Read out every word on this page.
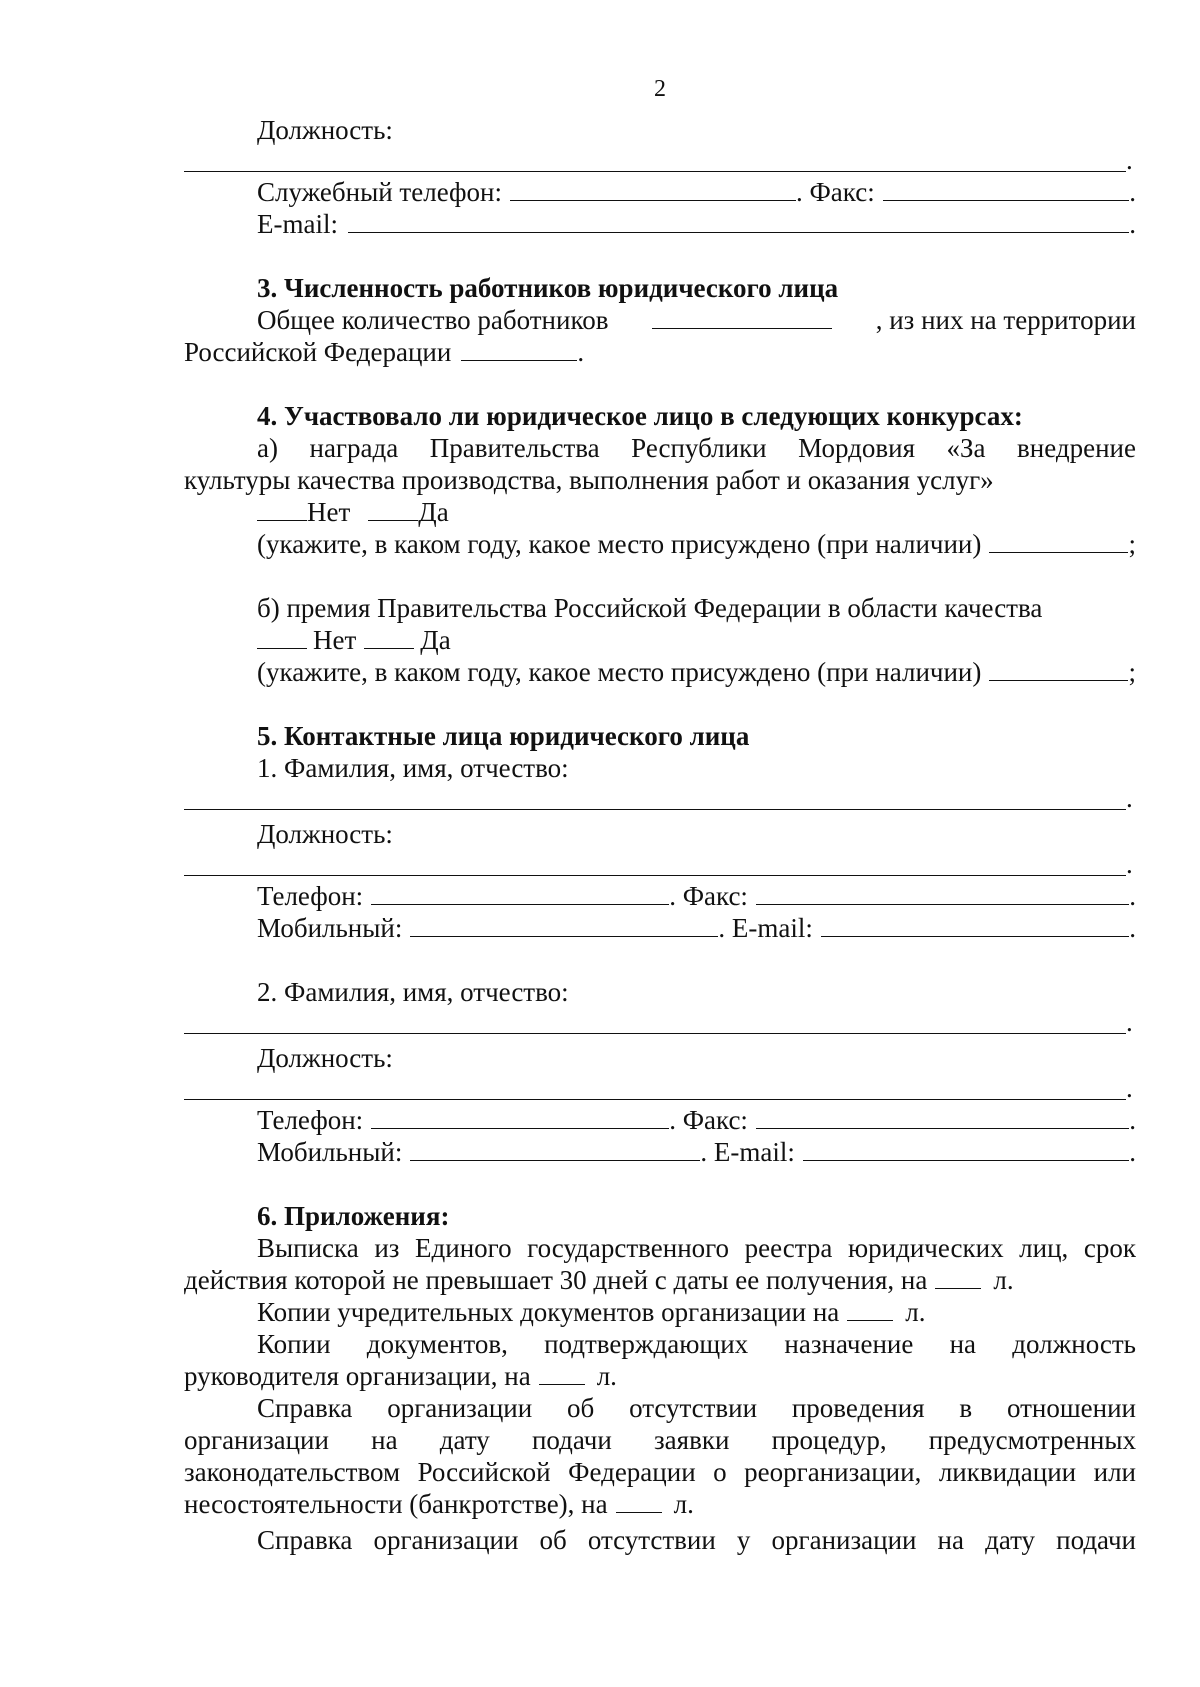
2
Должность:
.
Служебный телефон:	. Факс:	.
E-mail:	.
3. Численность работников юридического лица
Общее количество работников	, из них на территории
Российской Федерации	.
4. Участвовало ли юридическое лицо в следующих конкурсах:
а) награда Правительства Республики Мордовия «За внедрение
культуры качества производства, выполнения работ и оказания услуг»
Нет	Да
(укажите, в каком году, какое место присуждено (при наличии)	;
б) премия Правительства Российской Федерации в области качества
Нет Да
(укажите, в каком году, какое место присуждено (при наличии)	;
5. Контактные лица юридического лица
1. Фамилия, имя, отчество:
.
Должность:
.
Телефон:	. Факс:	.
Мобильный:	. E-mail:	.
2. Фамилия, имя, отчество:
.
Должность:
.
Телефон:	. Факс:	.
Мобильный:	. E-mail:	.
6. Приложения:
Выписка из Единого государственного реестра юридических лиц, срок
действия которой не превышает 30 дней с даты ее получения, на л.
Копии учредительных документов организации на л.
Копии документов, подтверждающих назначение на должность
руководителя организации, на л.
Справка организации об отсутствии проведения в отношении
организации на дату подачи заявки процедур, предусмотренных
законодательством Российской Федерации о реорганизации, ликвидации или
несостоятельности (банкротстве), на л.
Справка организации об отсутствии у организации на дату подачи
